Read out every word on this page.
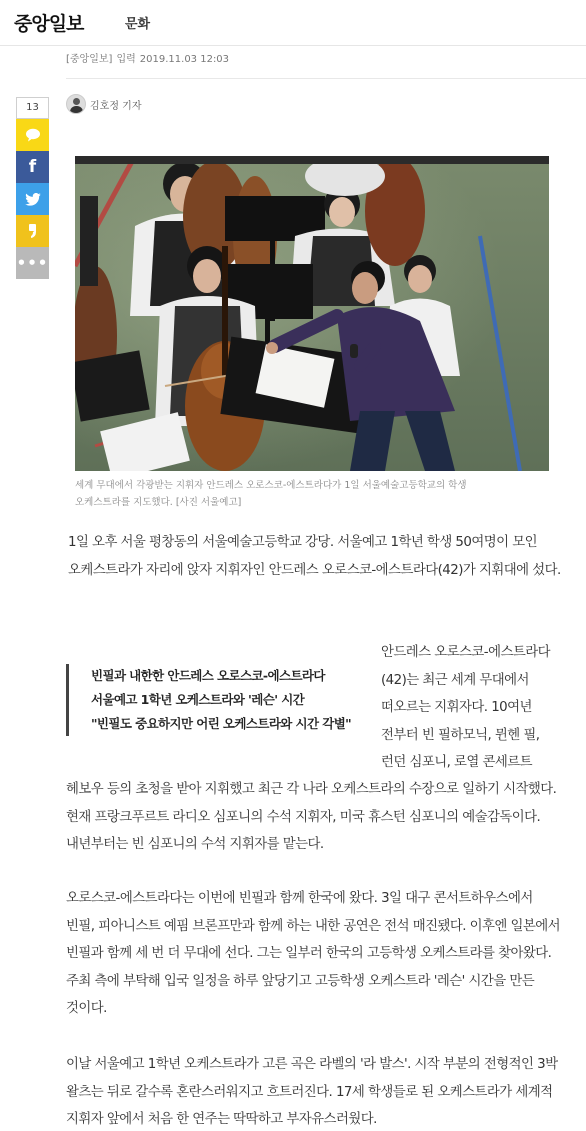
중앙일보	문화
[중앙일보] 입력 2019.11.03 12:03
13
f
•••
김호정 기자
세계 무대에서 각광받는 지휘자 안드레스 오로스코-에스트라다가 1일 서울예술고등학교의 학생
오케스트라를 지도했다. [사진 서울예고]
1일 오후 서울 평창동의 서울예술고등학교 강당. 서울예고 1학년 학생 50여명이 모인
오케스트라가 자리에 앉자 지휘자인 안드레스 오로스코-에스트라다(42)가 지휘대에 섰다.
빈필과 내한한 안드레스 오로스코-에스트라다
서울예고 1학년 오케스트라와 '레슨' 시간
"빈필도 중요하지만 어린 오케스트라와 시간 각별"
안드레스 오로스코-에스트라다
(42)는 최근 세계 무대에서
떠오르는 지휘자다. 10여년
전부터 빈 필하모닉, 뮌헨 필,
런던 심포니, 로열 콘세르트
헤보우 등의 초청을 받아 지휘했고 최근 각 나라 오케스트라의 수장으로 일하기 시작했다.
현재 프랑크푸르트 라디오 심포니의 수석 지휘자, 미국 휴스턴 심포니의 예술감독이다.
내년부터는 빈 심포니의 수석 지휘자를 맡는다.
오로스코-에스트라다는 이번에 빈필과 함께 한국에 왔다. 3일 대구 콘서트하우스에서
빈필, 피아니스트 예핌 브론프만과 함께 하는 내한 공연은 전석 매진됐다. 이후엔 일본에서
빈필과 함께 세 번 더 무대에 선다. 그는 일부러 한국의 고등학생 오케스트라를 찾아왔다.
주최 측에 부탁해 입국 일정을 하루 앞당기고 고등학생 오케스트라 '레슨' 시간을 만든
것이다.
이날 서울예고 1학년 오케스트라가 고른 곡은 라벨의 '라 발스'. 시작 부분의 전형적인 3박
왈츠는 뒤로 갈수록 혼란스러워지고 흐트러진다. 17세 학생들로 된 오케스트라가 세계적
지휘자 앞에서 처음 한 연주는 딱딱하고 부자유스러웠다.
